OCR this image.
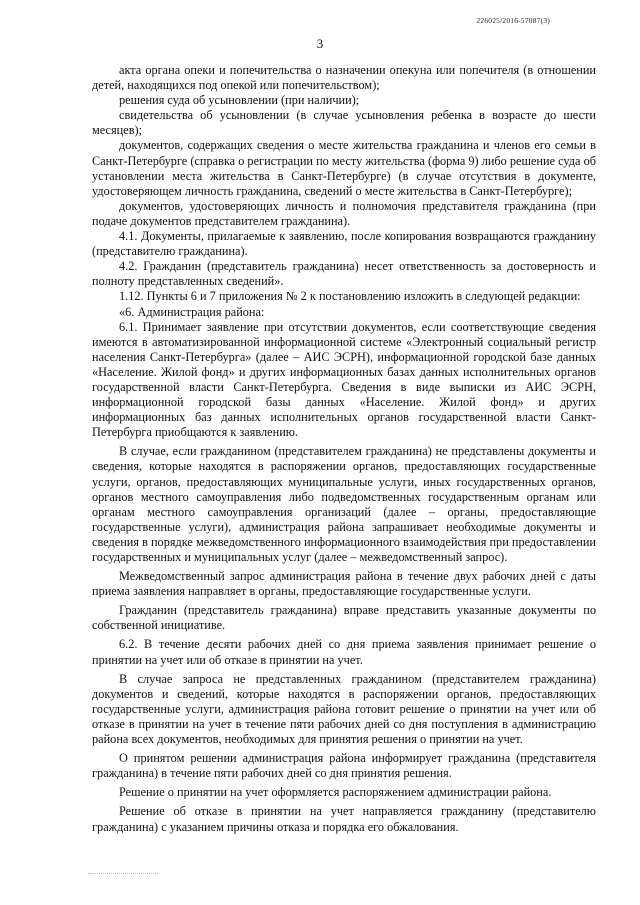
226025/2016-57087(3)
3

акта органа опеки и попечительства о назначении опекуна или попечителя (в отношении детей, находящихся под опекой или попечительством);

решения суда об усыновлении (при наличии);

свидетельства об усыновлении (в случае усыновления ребенка в возрасте до шести месяцев);

документов, содержащих сведения о месте жительства гражданина и членов его семьи в Санкт-Петербурге (справка о регистрации по месту жительства (форма 9) либо решение суда об установлении места жительства в Санкт-Петербурге) (в случае отсутствия в документе, удостоверяющем личность гражданина, сведений о месте жительства в Санкт-Петербурге);

документов, удостоверяющих личность и полномочия представителя гражданина (при подаче документов представителем гражданина).

4.1. Документы, прилагаемые к заявлению, после копирования возвращаются гражданину (представителю гражданина).

4.2. Гражданин (представитель гражданина) несет ответственность за достоверность и полноту представленных сведений».

1.12. Пункты 6 и 7 приложения № 2 к постановлению изложить в следующей редакции:

«6. Администрация района:

6.1. Принимает заявление при отсутствии документов, если соответствующие сведения имеются в автоматизированной информационной системе «Электронный социальный регистр населения Санкт-Петербурга» (далее – АИС ЭСРН), информационной городской базе данных «Население. Жилой фонд» и других информационных базах данных исполнительных органов государственной власти Санкт-Петербурга. Сведения в виде выписки из АИС ЭСРН, информационной городской базы данных «Население. Жилой фонд» и других информационных баз данных исполнительных органов государственной власти Санкт-Петербурга приобщаются к заявлению.

В случае, если гражданином (представителем гражданина) не представлены документы и сведения, которые находятся в распоряжении органов, предоставляющих государственные услуги, органов, предоставляющих муниципальные услуги, иных государственных органов, органов местного самоуправления либо подведомственных государственным органам или органам местного самоуправления организаций (далее – органы, предоставляющие государственные услуги), администрация района запрашивает необходимые документы и сведения в порядке межведомственного информационного взаимодействия при предоставлении государственных и муниципальных услуг (далее – межведомственный запрос).

Межведомственный запрос администрация района в течение двух рабочих дней с даты приема заявления направляет в органы, предоставляющие государственные услуги.

Гражданин (представитель гражданина) вправе представить указанные документы по собственной инициативе.

6.2. В течение десяти рабочих дней со дня приема заявления принимает решение о принятии на учет или об отказе в принятии на учет.

В случае запроса не представленных гражданином (представителем гражданина) документов и сведений, которые находятся в распоряжении органов, предоставляющих государственные услуги, администрация района готовит решение о принятии на учет или об отказе в принятии на учет в течение пяти рабочих дней со дня поступления в администрацию района всех документов, необходимых для принятия решения о принятии на учет.

О принятом решении администрация района информирует гражданина (представителя гражданина) в течение пяти рабочих дней со дня принятия решения.

Решение о принятии на учет оформляется распоряжением администрации района.

Решение об отказе в принятии на учет направляется гражданину (представителю гражданина) с указанием причины отказа и порядка его обжалования.
